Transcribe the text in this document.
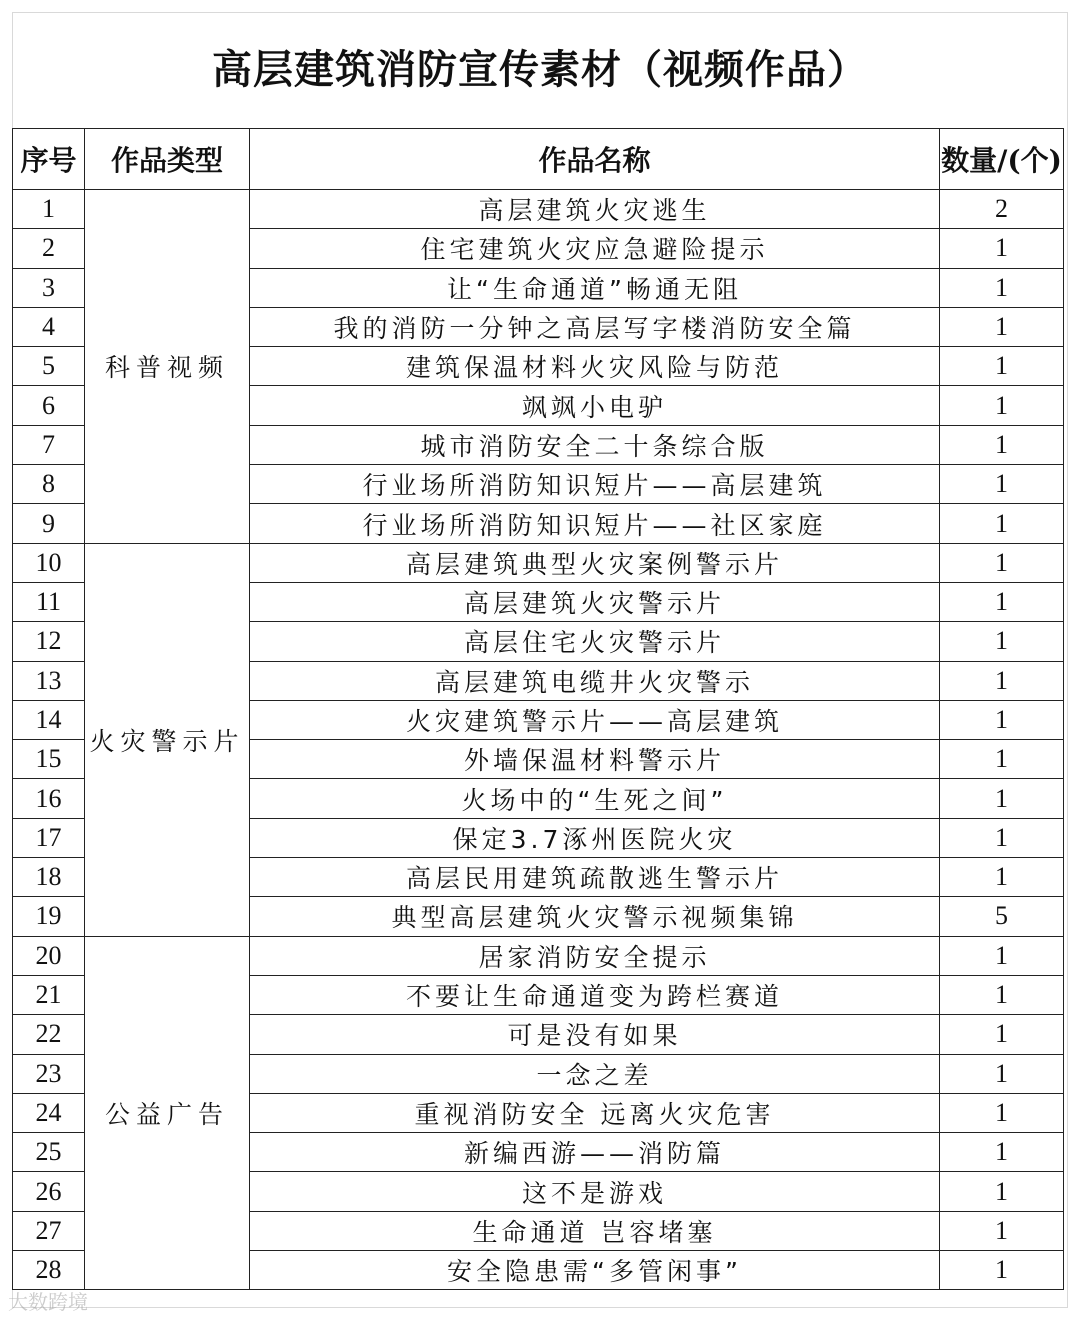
高层建筑消防宣传素材（视频作品）
序号	作品类型	作品名称	数量/(个)
1	科普视频	高层建筑火灾逃生	2
2		住宅建筑火灾应急避险提示	1
3		让“生命通道”畅通无阻	1
4		我的消防一分钟之高层写字楼消防安全篇	1
5		建筑保温材料火灾风险与防范	1
6		飒飒小电驴	1
7		城市消防安全二十条综合版	1
8		行业场所消防知识短片——高层建筑	1
9		行业场所消防知识短片——社区家庭	1
10	火灾警示片	高层建筑典型火灾案例警示片	1
11		高层建筑火灾警示片	1
12		高层住宅火灾警示片	1
13		高层建筑电缆井火灾警示	1
14		火灾建筑警示片——高层建筑	1
15		外墙保温材料警示片	1
16		火场中的“生死之间”	1
17		保定3.7涿州医院火灾	1
18		高层民用建筑疏散逃生警示片	1
19		典型高层建筑火灾警示视频集锦	5
20	公益广告	居家消防安全提示	1
21		不要让生命通道变为跨栏赛道	1
22		可是没有如果	1
23		一念之差	1
24		重视消防安全 远离火灾危害	1
25		新编西游——消防篇	1
26		这不是游戏	1
27		生命通道 岂容堵塞	1
28		安全隐患需“多管闲事”	1
大数跨境
